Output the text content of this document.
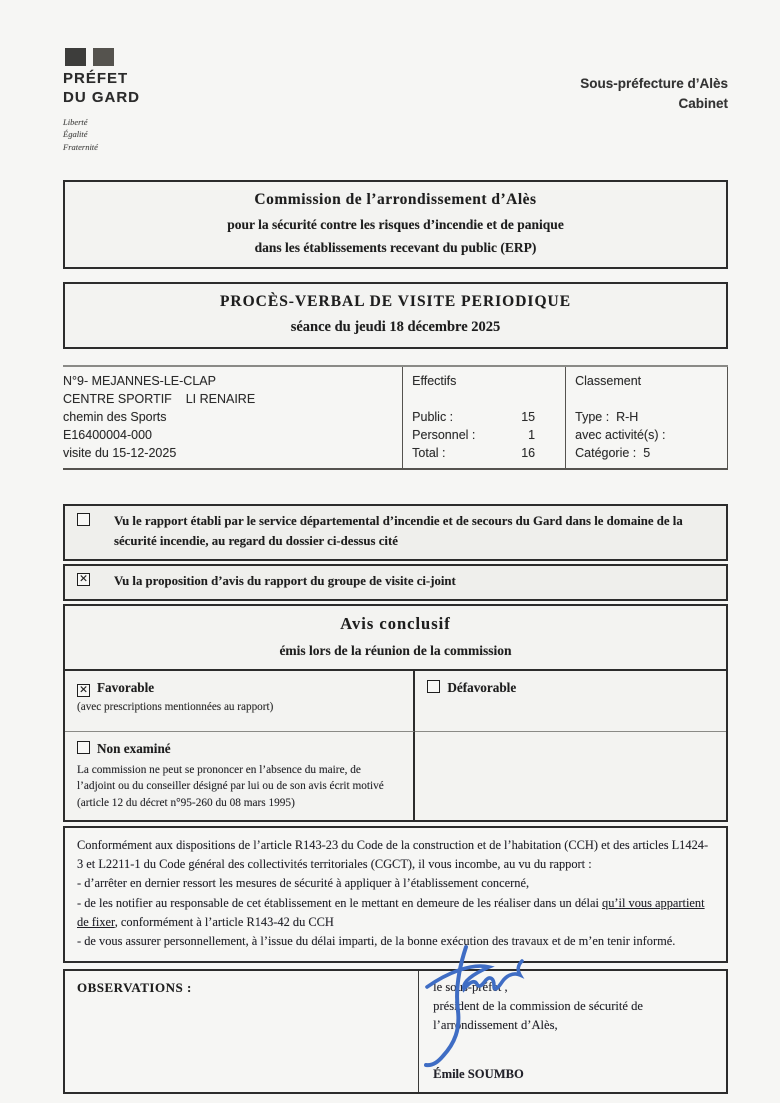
PRÉFET
DU GARD
Liberté
Égalité
Fraternité
Sous-préfecture d’Alès
Cabinet
Commission de l’arrondissement d’Alès
pour la sécurité contre les risques d’incendie et de panique
dans les établissements recevant du public (ERP)
PROCÈS-VERBAL DE VISITE PERIODIQUE
séance du jeudi 18 décembre 2025
N°9- MEJANNES-LE-CLAP
CENTRE SPORTIF    LI RENAIRE
chemin des Sports
E16400004-000
visite du 15-12-2025
Effectifs
Public :	15
Personnel :	1
Total :	16
Classement
Type :  R-H
avec activité(s) :
Catégorie :  5
Vu le rapport établi par le service départemental d’incendie et de secours du Gard dans le domaine de la sécurité incendie, au regard du dossier ci-dessus cité
✕ Vu la proposition d’avis du rapport du groupe de visite ci-joint
Avis conclusif
émis lors de la réunion de la commission
✕ Favorable
(avec prescriptions mentionnées au rapport)
Défavorable
Non examiné
La commission ne peut se prononcer en l’absence du maire, de l’adjoint ou du conseiller désigné par lui ou de son avis écrit motivé
(article 12 du décret n°95-260 du 08 mars 1995)

Conformément aux dispositions de l’article R143-23 du Code de la construction et de l’habitation (CCH) et des articles L1424-3 et L2211-1 du Code général des collectivités territoriales (CGCT), il vous incombe, au vu du rapport :

- d’arrêter en dernier ressort les mesures de sécurité à appliquer à l’établissement concerné,

- de les notifier au responsable de cet établissement en le mettant en demeure de les réaliser dans un délai qu’il vous appartient de fixer, conformément à l’article R143-42 du CCH

- de vous assurer personnellement, à l’issue du délai imparti, de la bonne exécution des travaux et de m’en tenir informé.

OBSERVATIONS :	le sous-préfet ,
président de la commission de sécurité de
l’arrondissement d’Alès,
Émile SOUMBO
